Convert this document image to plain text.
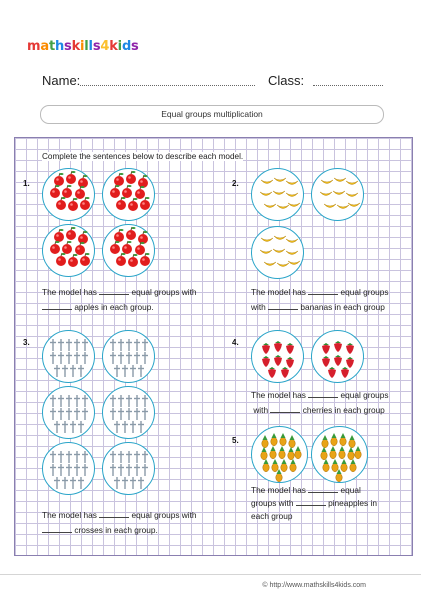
mathskills4kids
Name:	Class:
Equal groups multiplication
Complete the sentences below to describe each model.
1.
The model has	equal groups with
apples in each group.
2.
The model has	equal groups
with	bananas in each group
3.
The model has	equal groups with
crosses in each group.
4.
The model has	equal groups
with	cherries in each group
5.
The model has	equal
groups with	pineapples in
each group
© http://www.mathskills4kids.com
